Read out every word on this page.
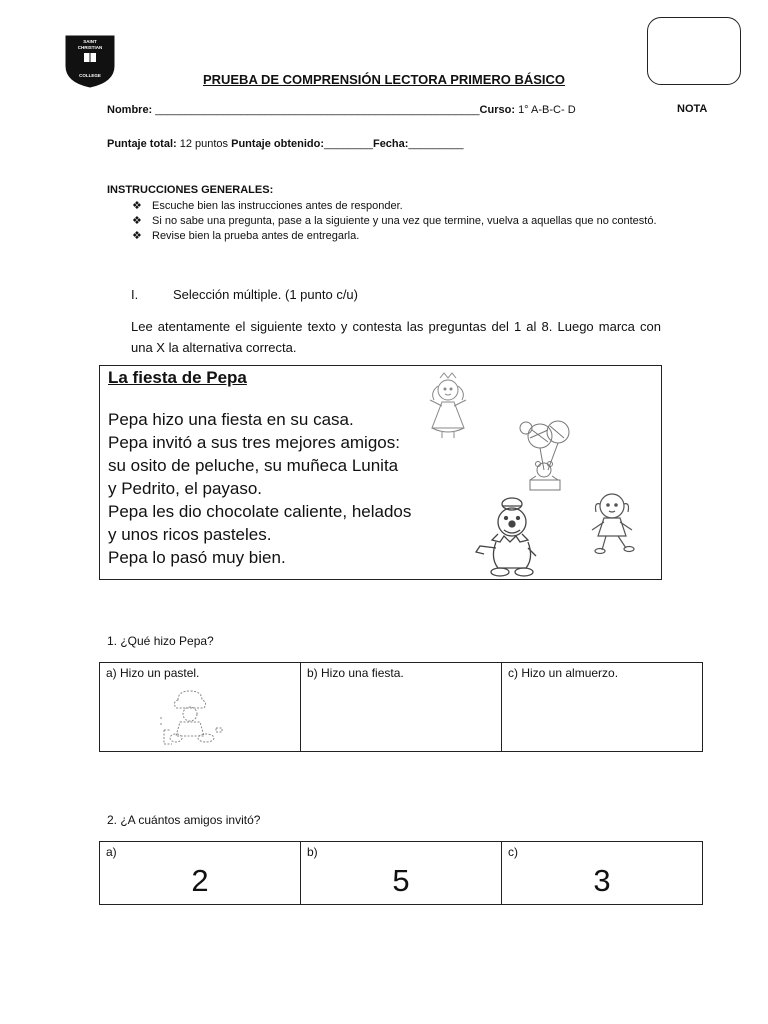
SAINT
CHRISTIAN
COLLEGE
NOTA
PRUEBA DE COMPRENSIÓN LECTORA PRIMERO BÁSICO
Nombre: _____________________________________________________Curso: 1° A-B-C- D
Puntaje total: 12 puntos Puntaje obtenido:________Fecha:_________
INSTRUCCIONES GENERALES:
❖ Escuche bien las instrucciones antes de responder.
❖ Si no sabe una pregunta, pase a la siguiente y una vez que termine, vuelva a aquellas que no contestó.
❖ Revise bien la prueba antes de entregarla.
I.	Selección múltiple. (1 punto c/u)
Lee atentamente el siguiente texto y contesta las preguntas del 1 al 8. Luego marca con una X la alternativa correcta.
La fiesta de Pepa
Pepa hizo una fiesta en su casa.
Pepa invitó a sus tres mejores amigos:
su osito de peluche, su muñeca Lunita
y Pedrito, el payaso.
Pepa les dio chocolate caliente, helados
y unos ricos pasteles.
Pepa lo pasó muy bien.
1. ¿Qué hizo Pepa?
a) Hizo un pastel.	b) Hizo una fiesta.	c) Hizo un almuerzo.
2. ¿A cuántos amigos invitó?
a)
2
	b)
5
	c)
3
